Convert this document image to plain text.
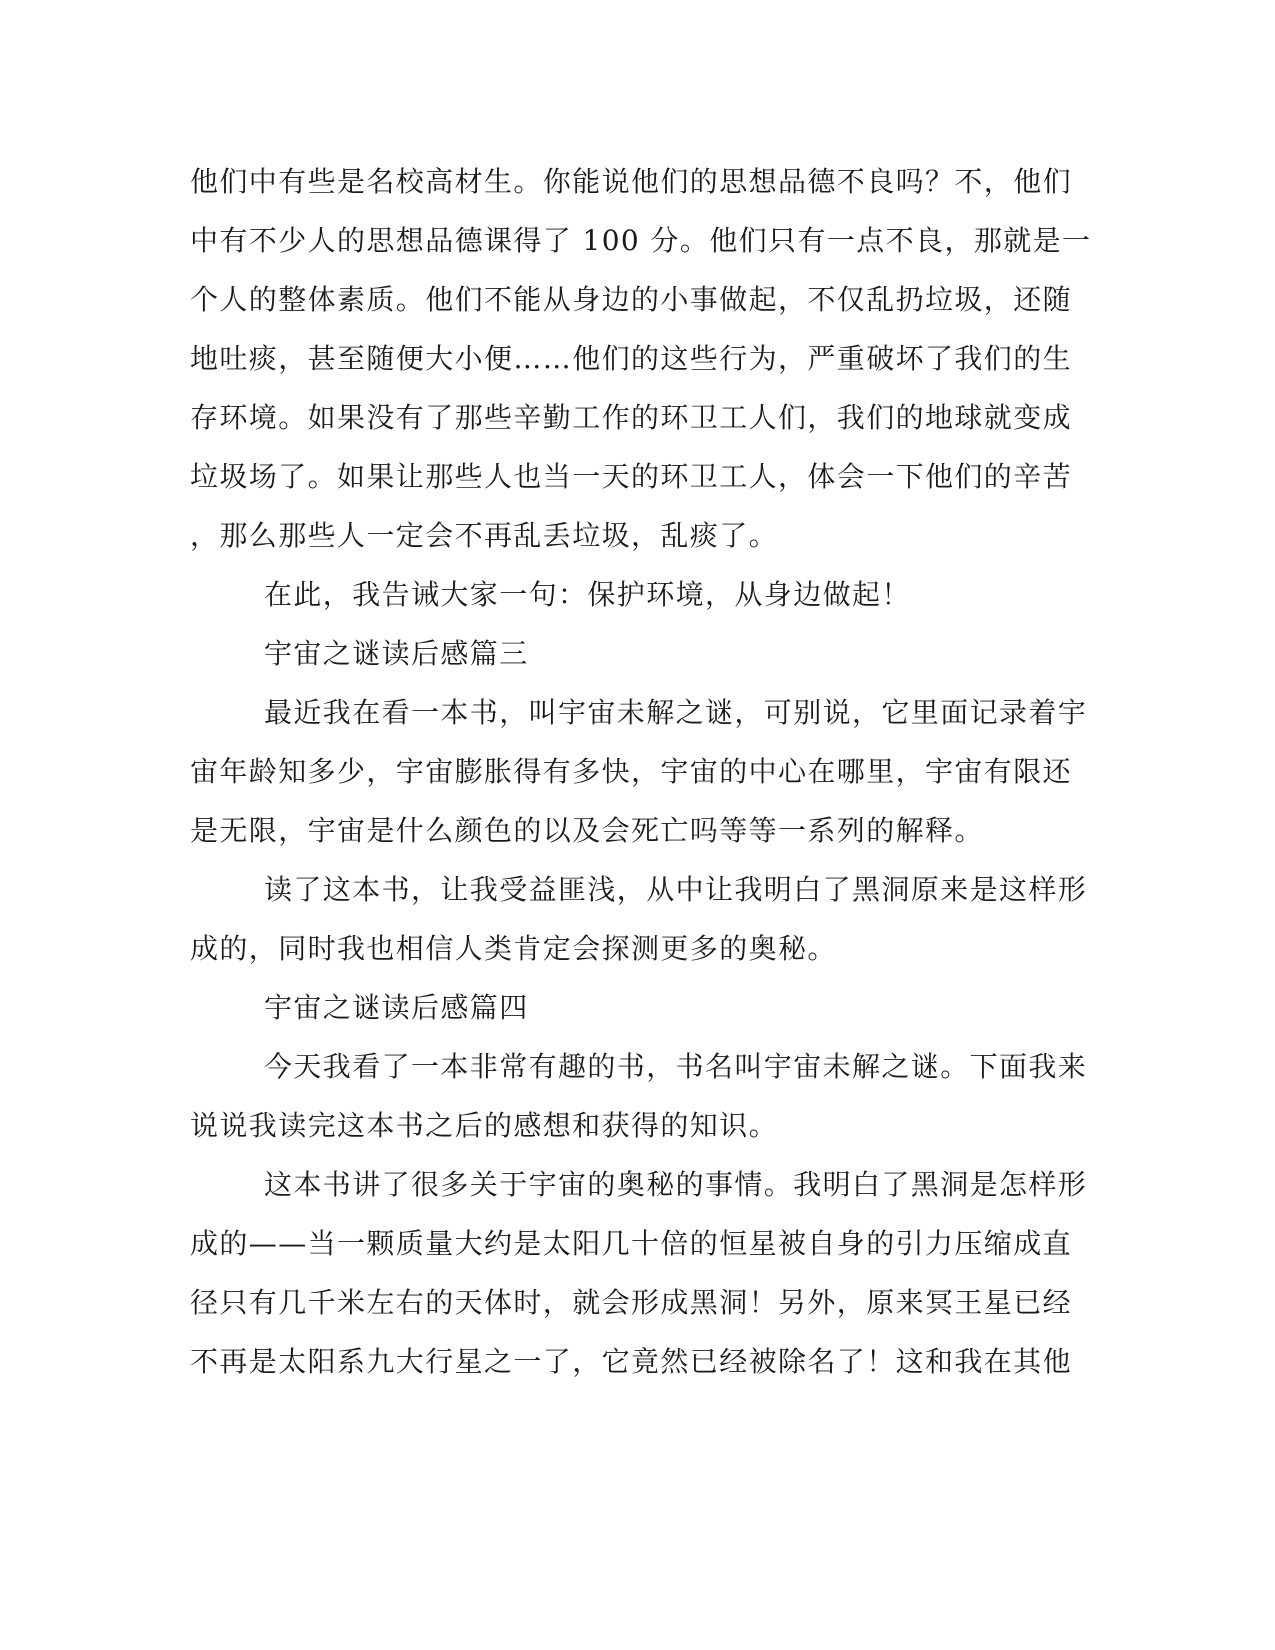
他们中有些是名校高材生。你能说他们的思想品德不良吗？不，他们
中有不少人的思想品德课得了 100 分。他们只有一点不良，那就是一
个人的整体素质。他们不能从身边的小事做起，不仅乱扔垃圾，还随
地吐痰，甚至随便大小便……他们的这些行为，严重破坏了我们的生
存环境。如果没有了那些辛勤工作的环卫工人们，我们的地球就变成
垃圾场了。如果让那些人也当一天的环卫工人，体会一下他们的辛苦
，那么那些人一定会不再乱丢垃圾，乱痰了。
在此，我告诫大家一句：保护环境，从身边做起！
宇宙之谜读后感篇三
最近我在看一本书，叫宇宙未解之谜，可别说，它里面记录着宇
宙年龄知多少，宇宙膨胀得有多快，宇宙的中心在哪里，宇宙有限还
是无限，宇宙是什么颜色的以及会死亡吗等等一系列的解释。
读了这本书，让我受益匪浅，从中让我明白了黑洞原来是这样形
成的，同时我也相信人类肯定会探测更多的奥秘。
宇宙之谜读后感篇四
今天我看了一本非常有趣的书，书名叫宇宙未解之谜。下面我来
说说我读完这本书之后的感想和获得的知识。
这本书讲了很多关于宇宙的奥秘的事情。我明白了黑洞是怎样形
成的——当一颗质量大约是太阳几十倍的恒星被自身的引力压缩成直
径只有几千米左右的天体时，就会形成黑洞！另外，原来冥王星已经
不再是太阳系九大行星之一了，它竟然已经被除名了！这和我在其他
